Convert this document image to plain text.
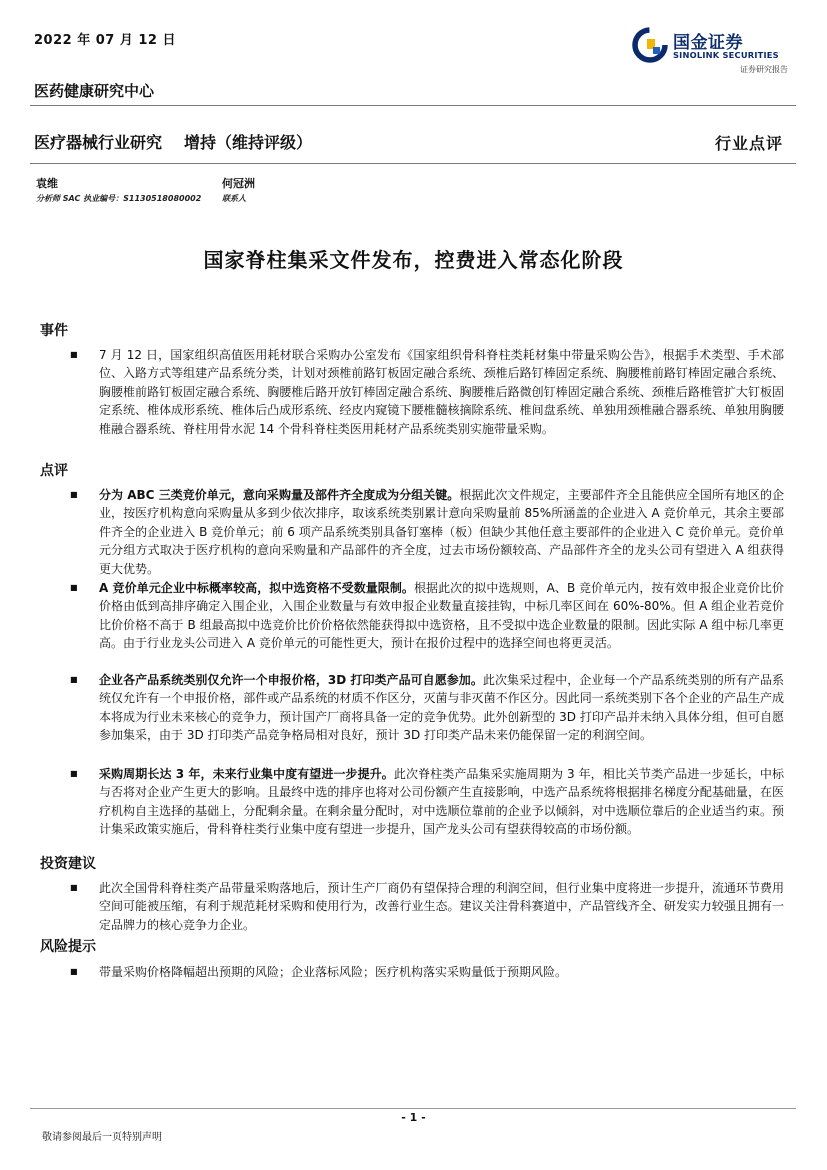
2022 年 07 月 12 日	国金证券
SINOLINK SECURITIES
证券研究报告
医药健康研究中心
医疗器械行业研究 增持（维持评级）	行业点评
袁维
分析师 SAC 执业编号：S1130518080002
何冠洲
联系人
国家脊柱集采文件发布，控费进入常态化阶段
事件
■	7 月 12 日，国家组织高值医用耗材联合采购办公室发布《国家组织骨科脊柱类耗材集中带量采购公告》，根据手术类型、手术部位、入路方式等组建产品系统分类，计划对颈椎前路钉板固定融合系统、颈椎后路钉棒固定系统、胸腰椎前路钉棒固定融合系统、胸腰椎前路钉板固定融合系统、胸腰椎后路开放钉棒固定融合系统、胸腰椎后路微创钉棒固定融合系统、颈椎后路椎管扩大钉板固定系统、椎体成形系统、椎体后凸成形系统、经皮内窥镜下腰椎髓核摘除系统、椎间盘系统、单独用颈椎融合器系统、单独用胸腰椎融合器系统、脊柱用骨水泥 14 个骨科脊柱类医用耗材产品系统类别实施带量采购。
点评
■	分为 ABC 三类竞价单元，意向采购量及部件齐全度成为分组关键。根据此次文件规定，主要部件齐全且能供应全国所有地区的企业，按医疗机构意向采购量从多到少依次排序，取该系统类别累计意向采购量前 85%所涵盖的企业进入 A 竞价单元，其余主要部件齐全的企业进入 B 竞价单元；前 6 项产品系统类别具备钉塞棒（板）但缺少其他任意主要部件的企业进入 C 竞价单元。竞价单元分组方式取决于医疗机构的意向采购量和产品部件的齐全度，过去市场份额较高、产品部件齐全的龙头公司有望进入 A 组获得更大优势。
■	A 竞价单元企业中标概率较高，拟中选资格不受数量限制。根据此次的拟中选规则，A、B 竞价单元内，按有效申报企业竞价比价价格由低到高排序确定入围企业，入围企业数量与有效申报企业数量直接挂钩，中标几率区间在 60%-80%。但 A 组企业若竞价比价价格不高于 B 组最高拟中选竞价比价价格依然能获得拟中选资格，且不受拟中选企业数量的限制。因此实际 A 组中标几率更高。由于行业龙头公司进入 A 竞价单元的可能性更大，预计在报价过程中的选择空间也将更灵活。
■	企业各产品系统类别仅允许一个申报价格，3D 打印类产品可自愿参加。此次集采过程中，企业每一个产品系统类别的所有产品系统仅允许有一个申报价格，部件或产品系统的材质不作区分，灭菌与非灭菌不作区分。因此同一系统类别下各个企业的产品生产成本将成为行业未来核心的竞争力，预计国产厂商将具备一定的竞争优势。此外创新型的 3D 打印产品并未纳入具体分组，但可自愿参加集采，由于 3D 打印类产品竞争格局相对良好，预计 3D 打印类产品未来仍能保留一定的利润空间。
■	采购周期长达 3 年，未来行业集中度有望进一步提升。此次脊柱类产品集采实施周期为 3 年，相比关节类产品进一步延长，中标与否将对企业产生更大的影响。且最终中选的排序也将对公司份额产生直接影响，中选产品系统将根据排名梯度分配基础量，在医疗机构自主选择的基础上，分配剩余量。在剩余量分配时，对中选顺位靠前的企业予以倾斜，对中选顺位靠后的企业适当约束。预计集采政策实施后，骨科脊柱类行业集中度有望进一步提升，国产龙头公司有望获得较高的市场份额。
投资建议
■	此次全国骨科脊柱类产品带量采购落地后，预计生产厂商仍有望保持合理的利润空间，但行业集中度将进一步提升，流通环节费用空间可能被压缩，有利于规范耗材采购和使用行为，改善行业生态。建议关注骨科赛道中，产品管线齐全、研发实力较强且拥有一定品牌力的核心竞争力企业。
风险提示
■	带量采购价格降幅超出预期的风险；企业落标风险；医疗机构落实采购量低于预期风险。
- 1 -
敬请参阅最后一页特别声明
